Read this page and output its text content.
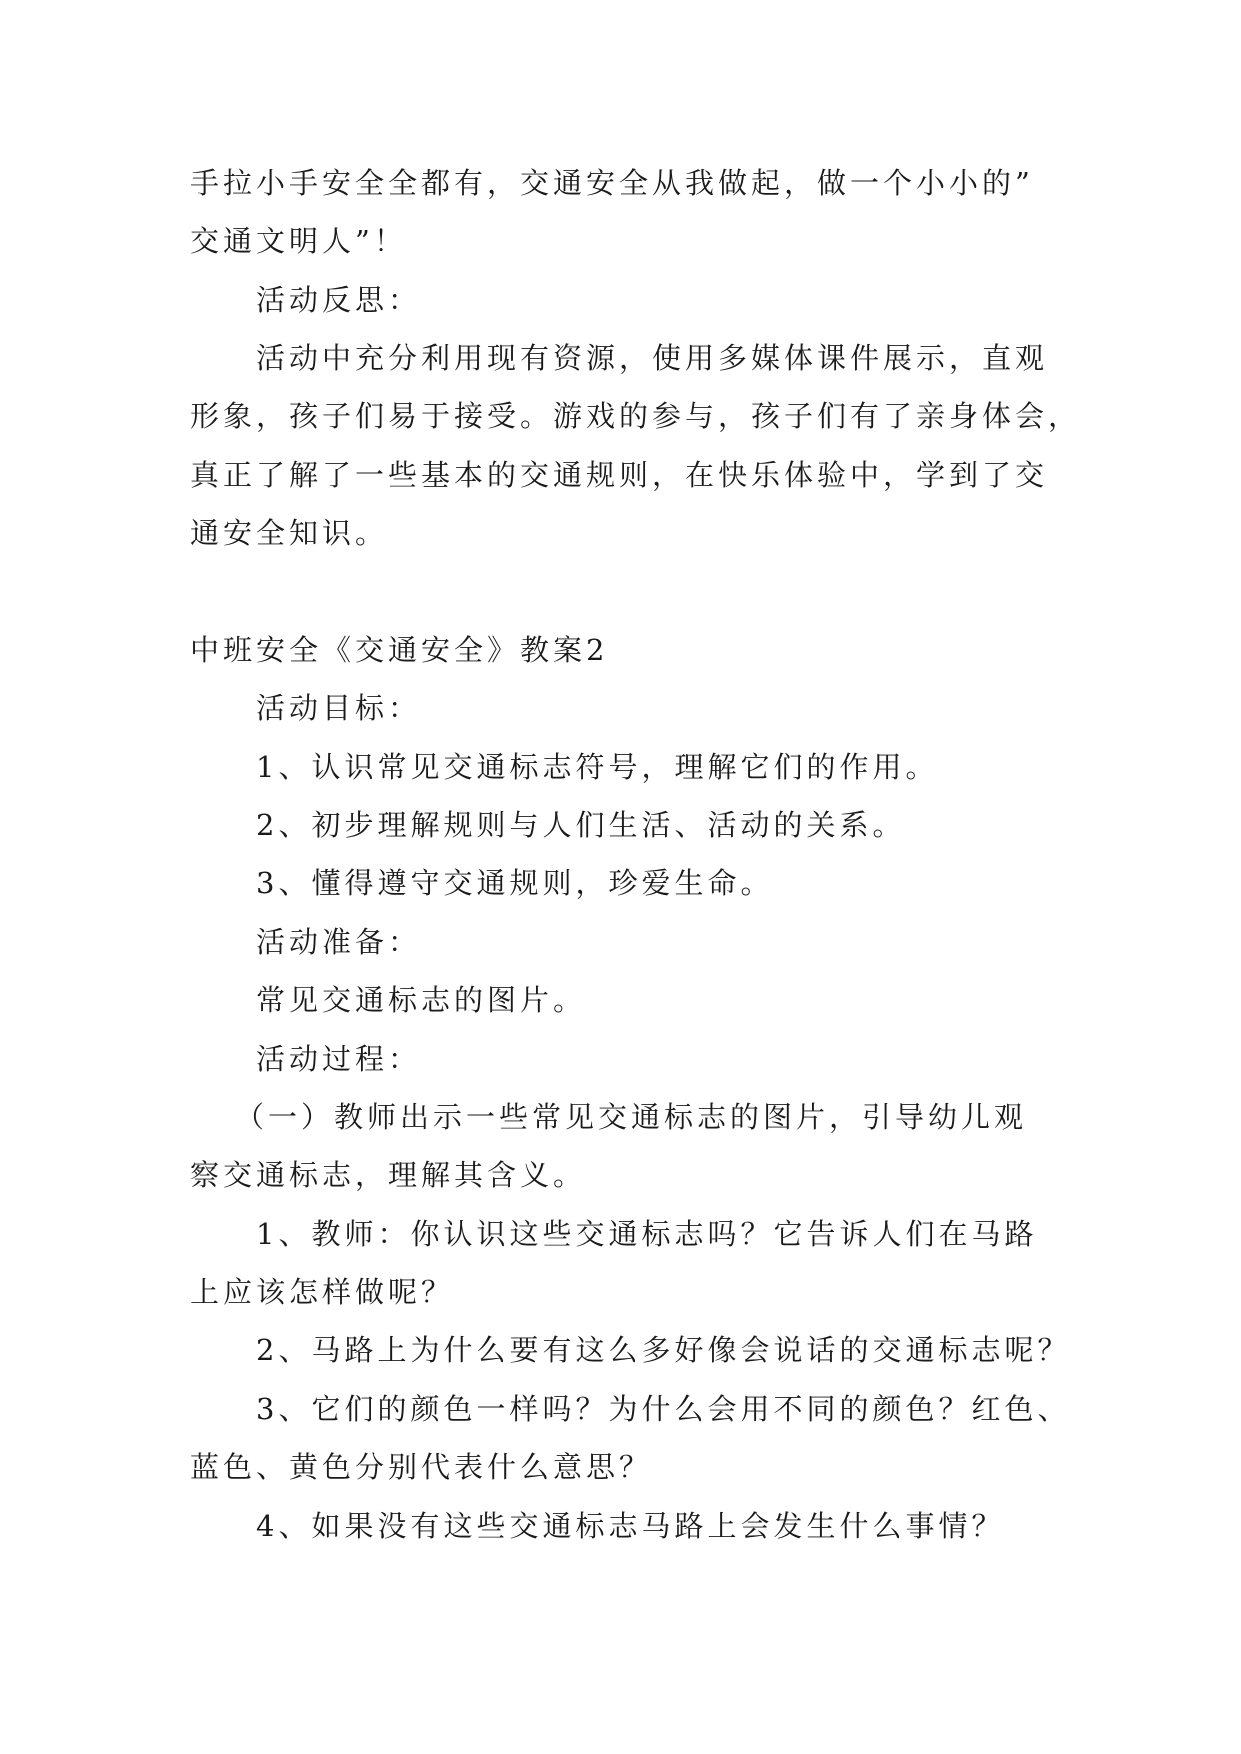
手拉小手安全全都有，交通安全从我做起，做一个小小的”
交通文明人”！
活动反思：
活动中充分利用现有资源，使用多媒体课件展示，直观
形象，孩子们易于接受。游戏的参与，孩子们有了亲身体会，
真正了解了一些基本的交通规则，在快乐体验中，学到了交
通安全知识。
中班安全《交通安全》教案2
活动目标：
1、认识常见交通标志符号，理解它们的作用。
2、初步理解规则与人们生活、活动的关系。
3、懂得遵守交通规则，珍爱生命。
活动准备：
常见交通标志的图片。
活动过程：
（一）教师出示一些常见交通标志的图片，引导幼儿观
察交通标志，理解其含义。
1、教师：你认识这些交通标志吗？它告诉人们在马路
上应该怎样做呢？
2、马路上为什么要有这么多好像会说话的交通标志呢？
3、它们的颜色一样吗？为什么会用不同的颜色？红色、
蓝色、黄色分别代表什么意思？
4、如果没有这些交通标志马路上会发生什么事情？
